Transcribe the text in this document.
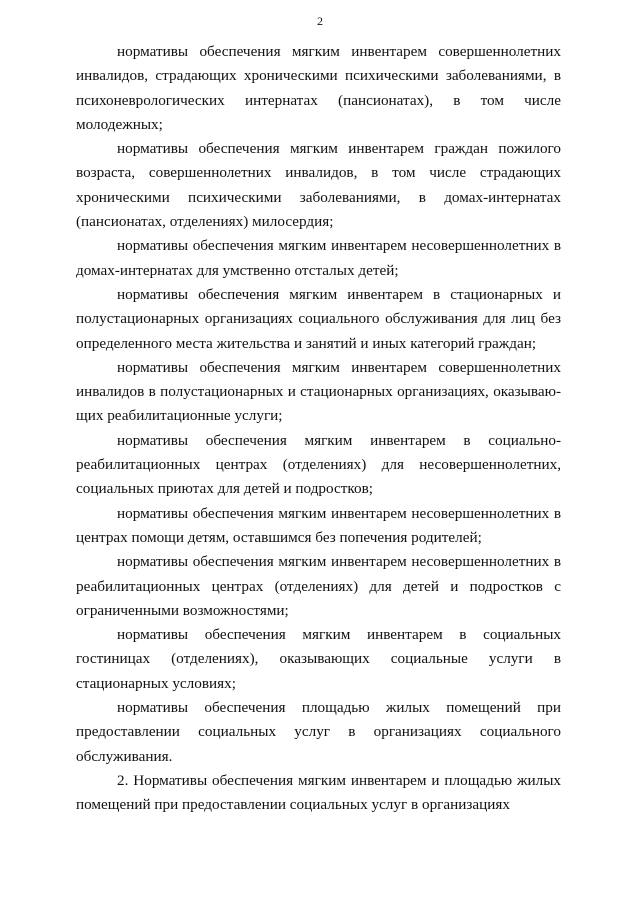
2

нормативы обеспечения мягким инвентарем совершеннолетних инвалидов, страдающих хроническими психическими заболеваниями, в психоневрологических интернатах (пансионатах), в том числе молодежных;

нормативы обеспечения мягким инвентарем граждан пожилого возраста, совершеннолетних инвалидов, в том числе страдающих хроническими психическими заболеваниями, в домах-интернатах (пансионатах, отделениях) милосердия;

нормативы обеспечения мягким инвентарем несовершеннолетних в домах-интернатах для умственно отсталых детей;

нормативы обеспечения мягким инвентарем в стационарных и полустационарных организациях социального обслуживания для лиц без определенного места жительства и занятий и иных категорий граждан;

нормативы обеспечения мягким инвентарем совершеннолетних инвалидов в полустационарных и стационарных организациях, оказывающих реабилитационные услуги;

нормативы обеспечения мягким инвентарем в социально-реабилитационных центрах (отделениях) для несовершеннолетних, социальных приютах для детей и подростков;

нормативы обеспечения мягким инвентарем несовершеннолетних в центрах помощи детям, оставшимся без попечения родителей;

нормативы обеспечения мягким инвентарем несовершеннолетних в реабилитационных центрах (отделениях) для детей и подростков с ограниченными возможностями;

нормативы обеспечения мягким инвентарем в социальных гостиницах (отделениях), оказывающих социальные услуги в стационарных условиях;

нормативы обеспечения площадью жилых помещений при предоставлении социальных услуг в организациях социального обслуживания.

2. Нормативы обеспечения мягким инвентарем и площадью жилых помещений при предоставлении социальных услуг в организациях
